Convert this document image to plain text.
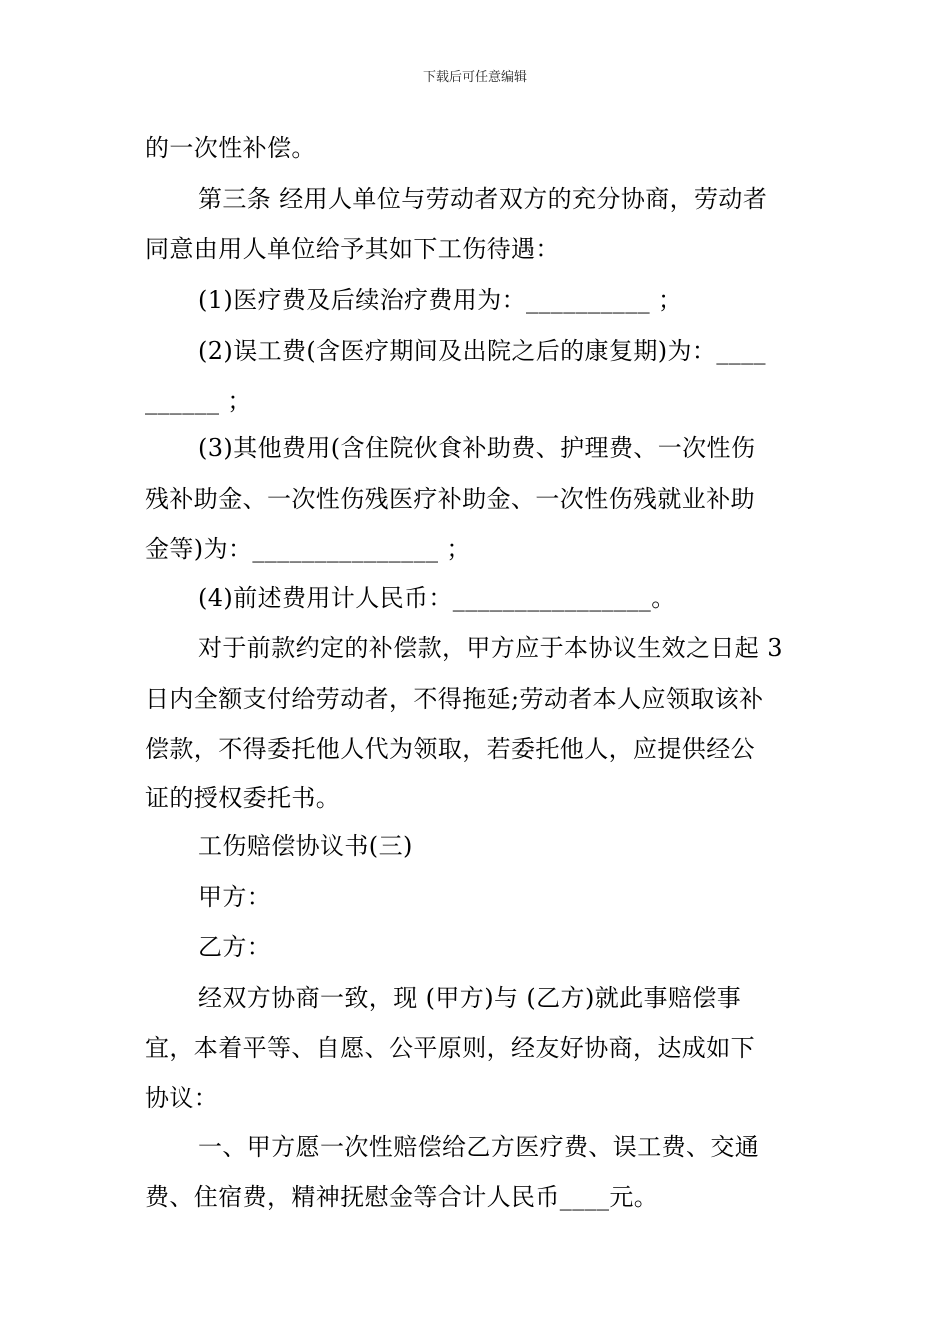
下载后可任意编辑
的一次性补偿。
第三条 经用人单位与劳动者双方的充分协商，劳动者
同意由用人单位给予其如下工伤待遇：
(1)医疗费及后续治疗费用为：__________ ；
(2)误工费(含医疗期间及出院之后的康复期)为：____
______ ；
(3)其他费用(含住院伙食补助费、护理费、一次性伤
残补助金、一次性伤残医疗补助金、一次性伤残就业补助
金等)为：_______________ ；
(4)前述费用计人民币：________________。
对于前款约定的补偿款，甲方应于本协议生效之日起 3
日内全额支付给劳动者，不得拖延;劳动者本人应领取该补
偿款，不得委托他人代为领取，若委托他人，应提供经公
证的授权委托书。
工伤赔偿协议书(三)
甲方：
乙方：
经双方协商一致，现 (甲方)与 (乙方)就此事赔偿事
宜，本着平等、自愿、公平原则，经友好协商，达成如下
协议：
一、甲方愿一次性赔偿给乙方医疗费、误工费、交通
费、住宿费，精神抚慰金等合计人民币____元。
